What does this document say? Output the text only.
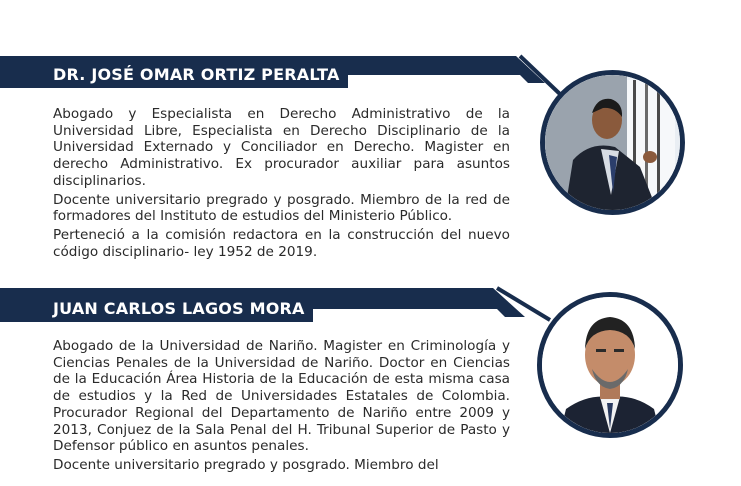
DR. JOSÉ OMAR ORTIZ PERALTA

Abogado y Especialista en Derecho Administrativo de la Universidad Libre, Especialista en Derecho Disciplinario de la Universidad Externado y Conciliador en Derecho. Magister en derecho Administrativo. Ex procurador auxiliar para asuntos disciplinarios.

Docente universitario pregrado y posgrado. Miembro de la red de formadores del Instituto de estudios del Ministerio Público.

Perteneció a la comisión redactora en la construcción del nuevo código disciplinario- ley 1952 de 2019.

JUAN CARLOS LAGOS MORA

Abogado de la Universidad de Nariño. Magister en Criminología y Ciencias Penales de la Universidad de Nariño. Doctor en Ciencias de la Educación Área Historia de la Educación de esta misma casa de estudios y la Red de Universidades Estatales de Colombia. Procurador Regional del Departamento de Nariño entre 2009 y 2013, Conjuez de la Sala Penal del H. Tribunal Superior de Pasto y Defensor público en asuntos penales.

Docente universitario pregrado y posgrado. Miembro del
